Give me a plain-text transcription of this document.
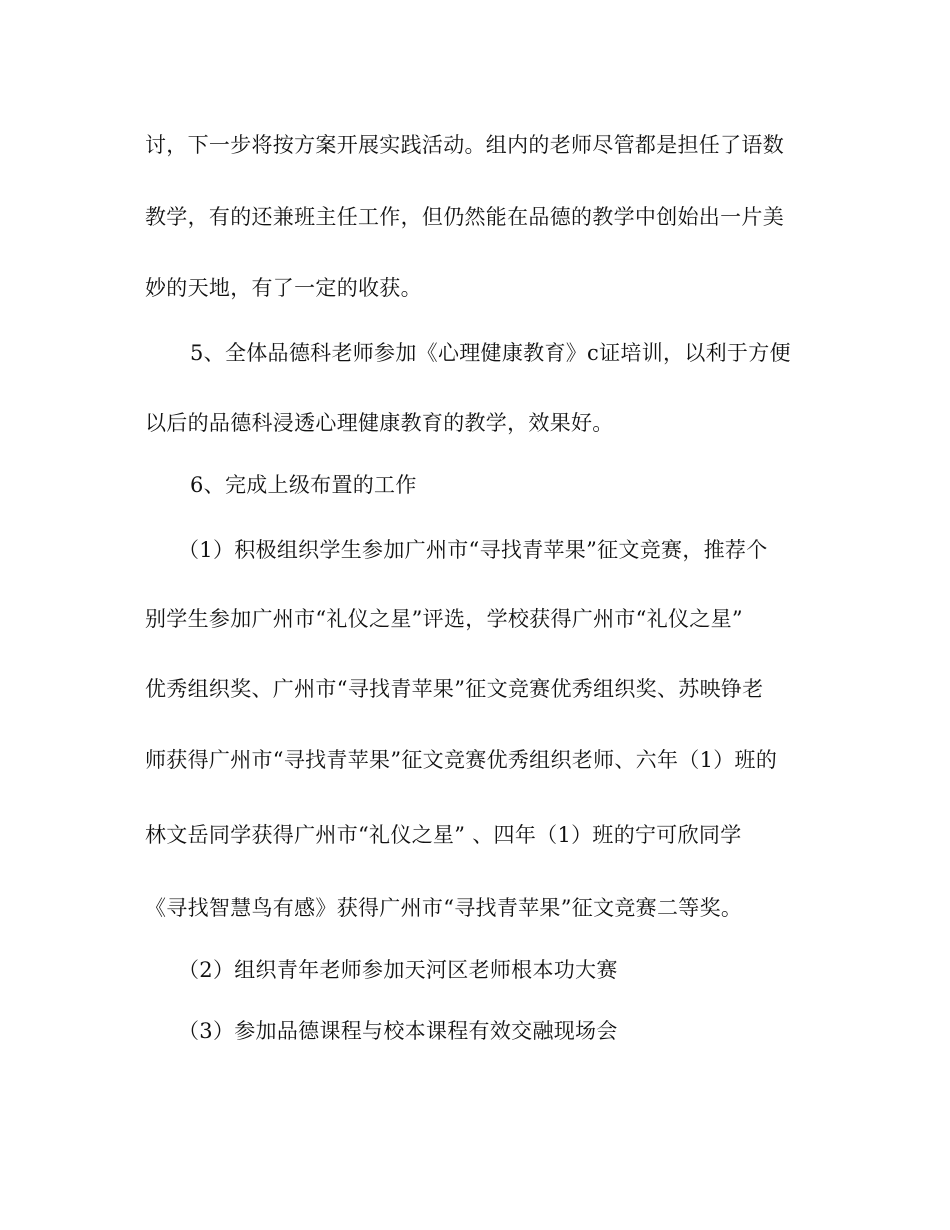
讨，下一步将按方案开展实践活动。组内的老师尽管都是担任了语数
教学，有的还兼班主任工作，但仍然能在品德的教学中创始出一片美
妙的天地，有了一定的收获。
5、全体品德科老师参加《心理健康教育》c证培训，以利于方便
以后的品德科浸透心理健康教育的教学，效果好。
6、完成上级布置的工作
（1）积极组织学生参加广州市“寻找青苹果”征文竞赛，推荐个
别学生参加广州市“礼仪之星”评选，学校获得广州市“礼仪之星”
优秀组织奖、广州市“寻找青苹果”征文竞赛优秀组织奖、苏映铮老
师获得广州市“寻找青苹果”征文竞赛优秀组织老师、六年（1）班的
林文岳同学获得广州市“礼仪之星” 、四年（1）班的宁可欣同学
《寻找智慧鸟有感》获得广州市“寻找青苹果”征文竞赛二等奖。
（2）组织青年老师参加天河区老师根本功大赛
（3）参加品德课程与校本课程有效交融现场会
